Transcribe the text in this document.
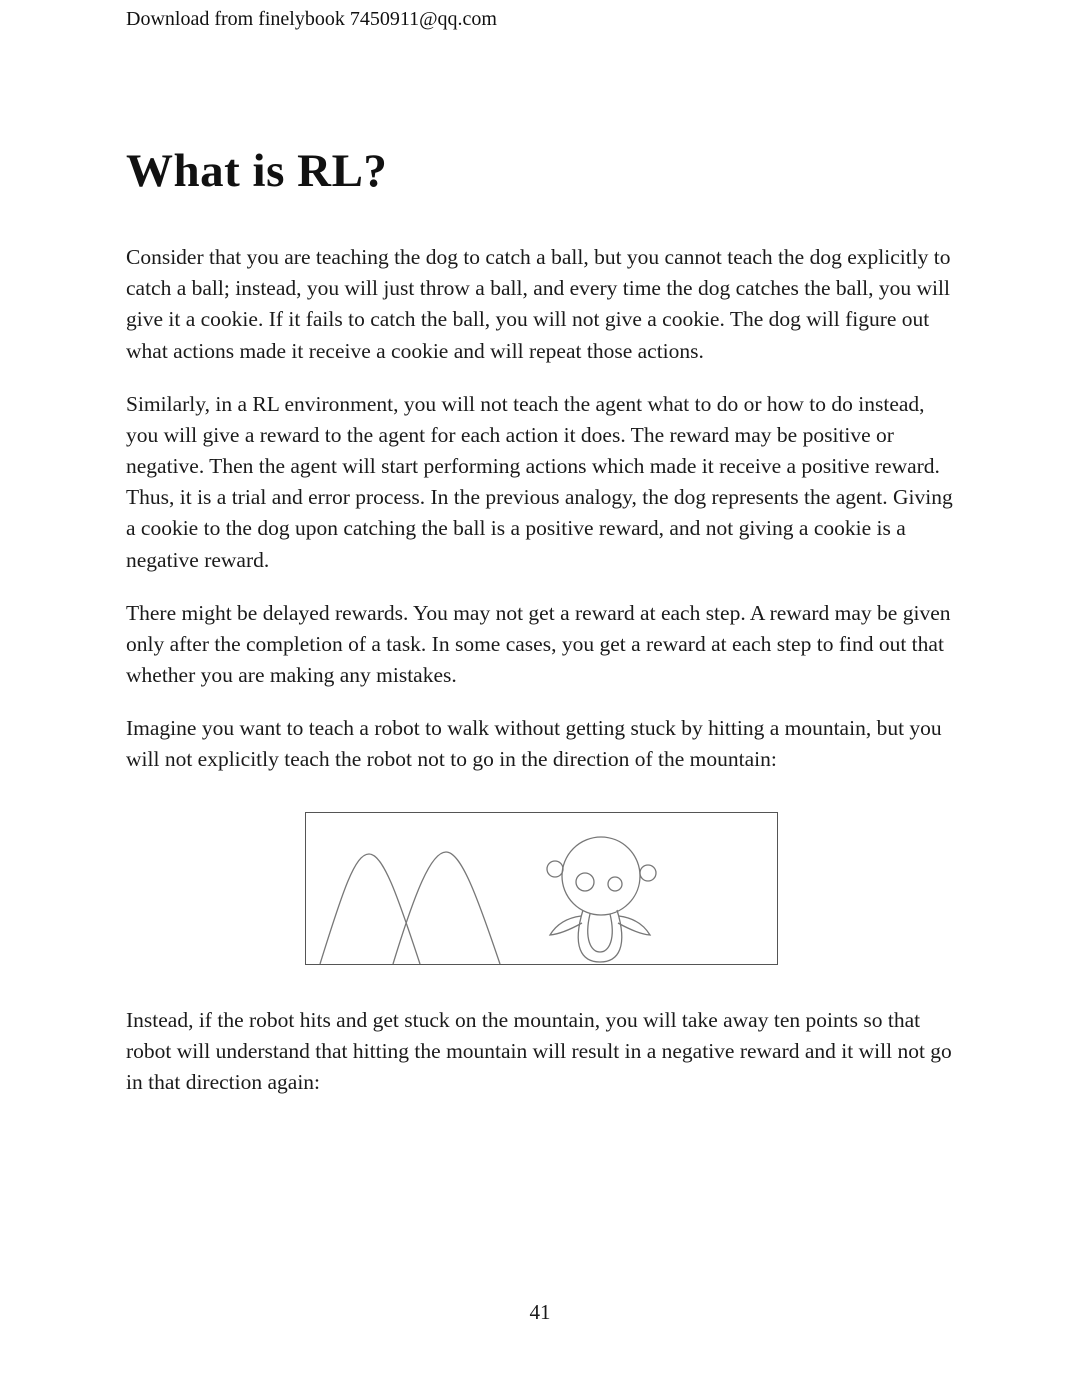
Download from finelybook 7450911@qq.com
What is RL?

Consider that you are teaching the dog to catch a ball, but you cannot teach the dog explicitly to catch a ball; instead, you will just throw a ball, and every time the dog catches the ball, you will give it a cookie. If it fails to catch the ball, you will not give a cookie. The dog will figure out what actions made it receive a cookie and will repeat those actions.

Similarly, in a RL environment, you will not teach the agent what to do or how to do instead, you will give a reward to the agent for each action it does. The reward may be positive or negative. Then the agent will start performing actions which made it receive a positive reward. Thus, it is a trial and error process. In the previous analogy, the dog represents the agent. Giving a cookie to the dog upon catching the ball is a positive reward, and not giving a cookie is a negative reward.

There might be delayed rewards. You may not get a reward at each step. A reward may be given only after the completion of a task. In some cases, you get a reward at each step to find out that whether you are making any mistakes.

Imagine you want to teach a robot to walk without getting stuck by hitting a mountain, but you will not explicitly teach the robot not to go in the direction of the mountain:

Instead, if the robot hits and get stuck on the mountain, you will take away ten points so that robot will understand that hitting the mountain will result in a negative reward and it will not go in that direction again:

41
